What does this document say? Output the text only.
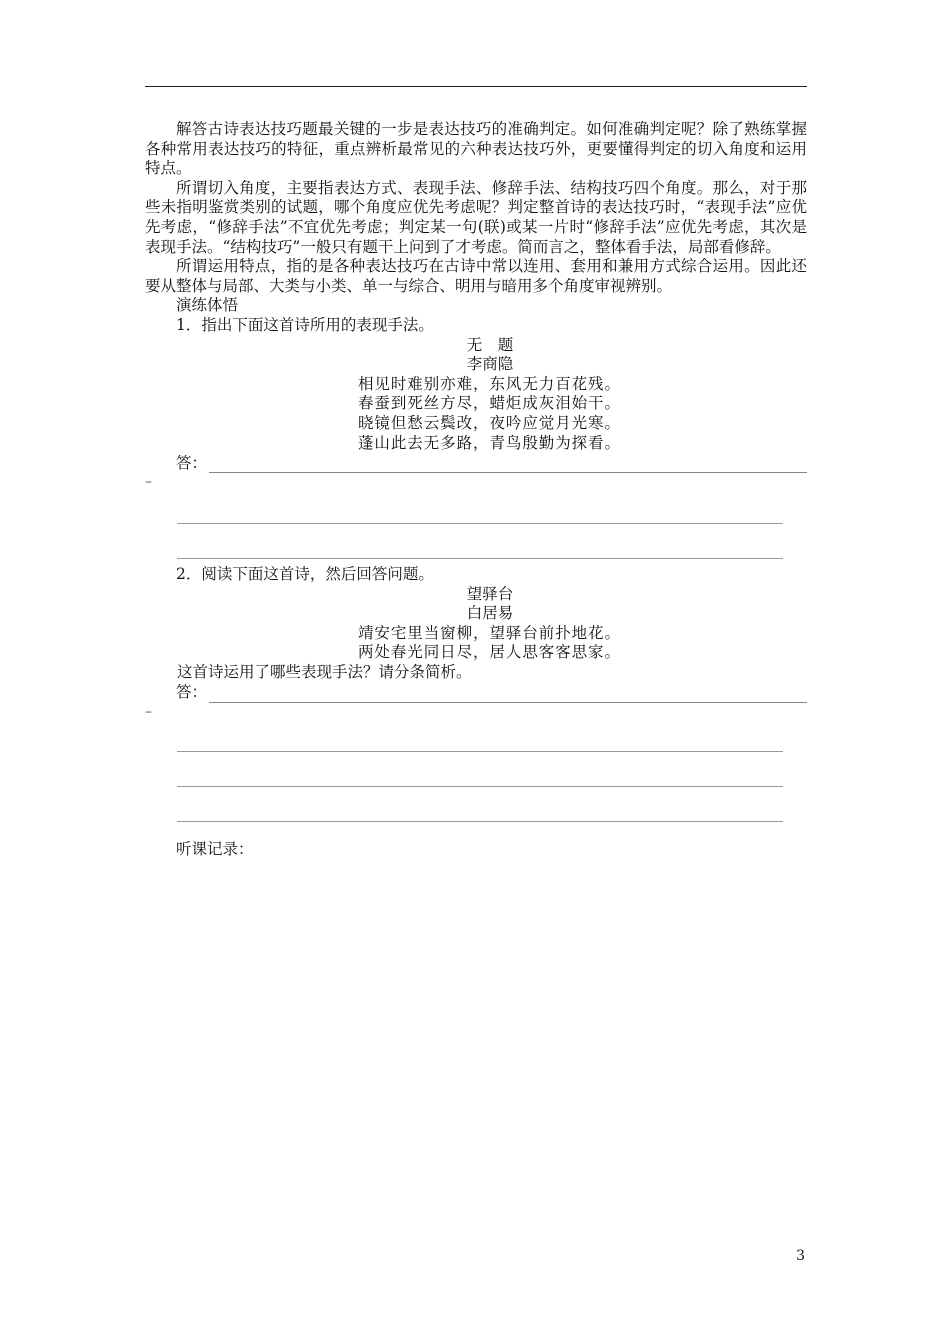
解答古诗表达技巧题最关键的一步是表达技巧的准确判定。如何准确判定呢？除了熟练掌握各种常用表达技巧的特征，重点辨析最常见的六种表达技巧外，更要懂得判定的切入角度和运用特点。

所谓切入角度，主要指表达方式、表现手法、修辞手法、结构技巧四个角度。那么，对于那些未指明鉴赏类别的试题，哪个角度应优先考虑呢？判定整首诗的表达技巧时，“表现手法”应优先考虑，“修辞手法”不宜优先考虑；判定某一句(联)或某一片时“修辞手法”应优先考虑，其次是表现手法。“结构技巧”一般只有题干上问到了才考虑。简而言之，整体看手法，局部看修辞。

所谓运用特点，指的是各种表达技巧在古诗中常以连用、套用和兼用方式综合运用。因此还要从整体与局部、大类与小类、单一与综合、明用与暗用多个角度审视辨别。

演练体悟

1．指出下面这首诗所用的表现手法。

无　题

李商隐

相见时难别亦难，东风无力百花残。

春蚕到死丝方尽，蜡炬成灰泪始干。

晓镜但愁云鬓改，夜吟应觉月光寒。

蓬山此去无多路，青鸟殷勤为探看。

答：

–

2．阅读下面这首诗，然后回答问题。

望驿台

白居易

靖安宅里当窗柳，望驿台前扑地花。

两处春光同日尽，居人思客客思家。

这首诗运用了哪些表现手法？请分条简析。

答：

–

听课记录：

3
